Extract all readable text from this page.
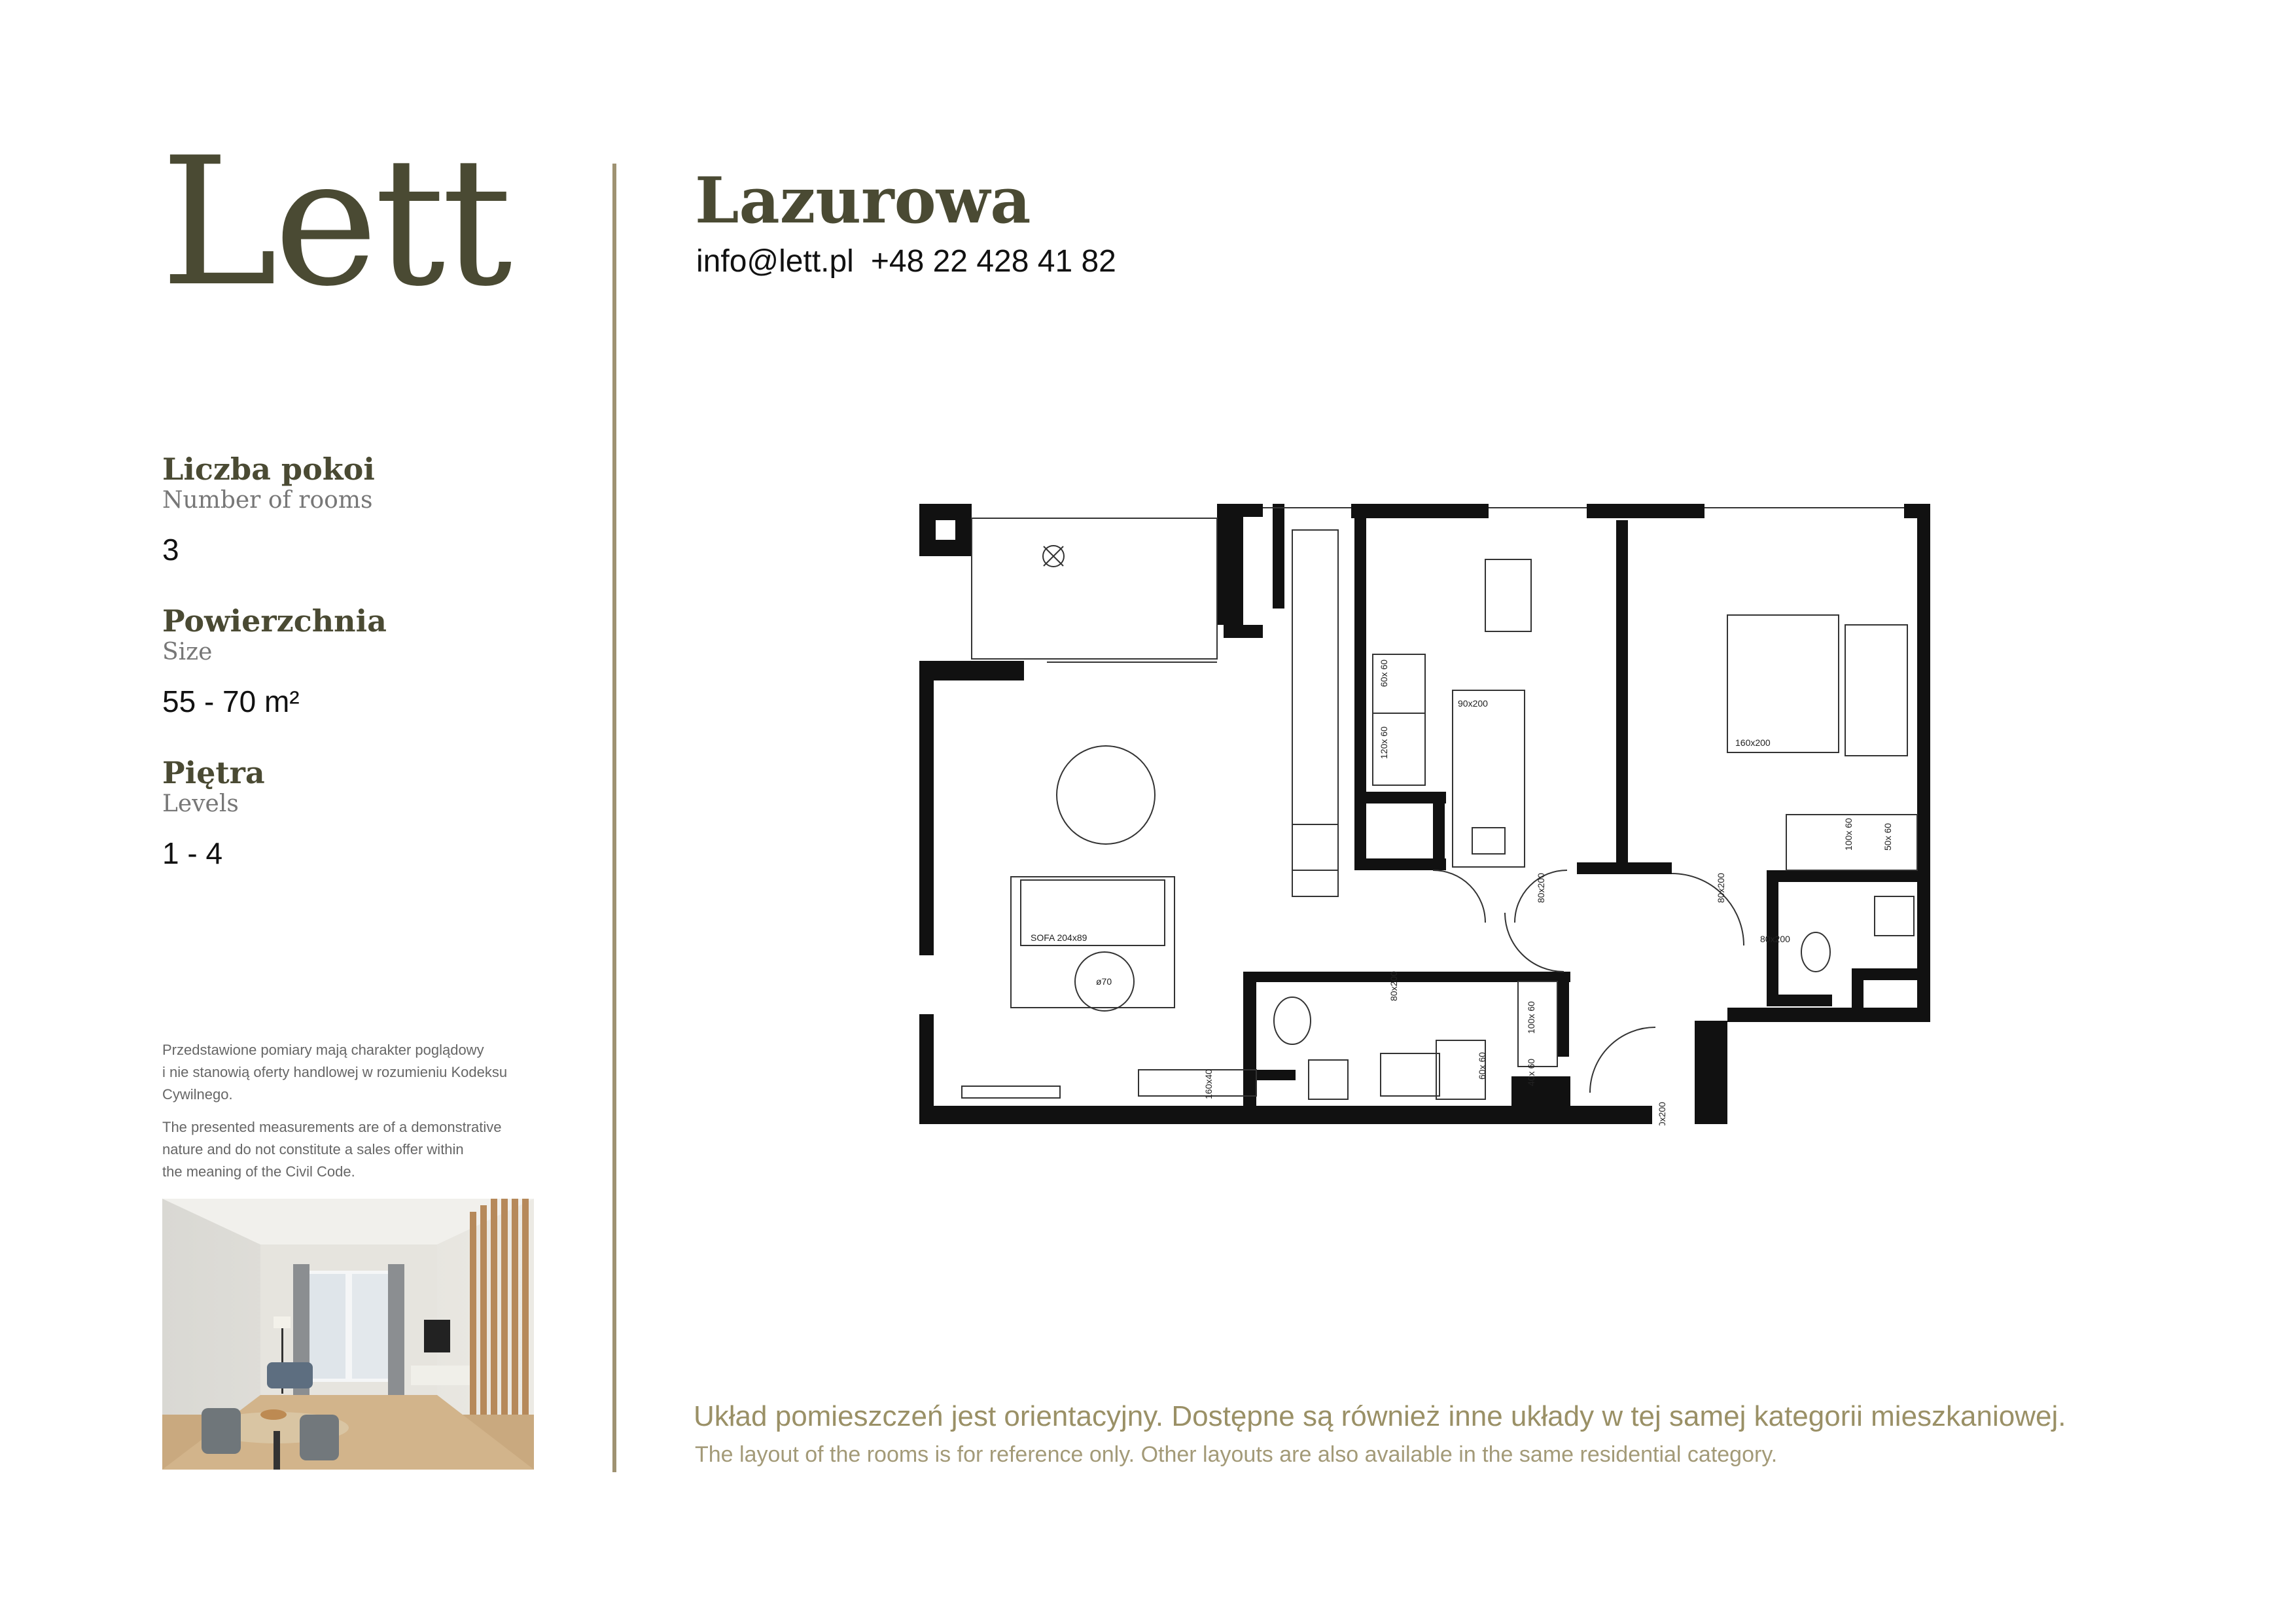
Lett
Liczba pokoi
Number of rooms
3
Powierzchnia
Size
55 - 70 m²
Piętra
Levels
1 - 4
Przedstawione pomiary mają charakter poglądowy
i nie stanowią oferty handlowej w rozumieniu Kodeksu
Cywilnego.
The presented measurements are of a demonstrative
nature and do not constitute a sales offer within
the meaning of the Civil Code.
Lazurowa
info@lett.pl +48 22 428 41 82
SOFA 204x89
ø70
90x200
160x200
80x200
60x 60
120x 60
100x 60	50x 60
100x 60
40x 60
60x 60
80x200	80x200
80x200
90x200
160x40
Układ pomieszczeń jest orientacyjny. Dostępne są również inne układy w tej samej kategorii mieszkaniowej.
The layout of the rooms is for reference only. Other layouts are also available in the same residential category.
